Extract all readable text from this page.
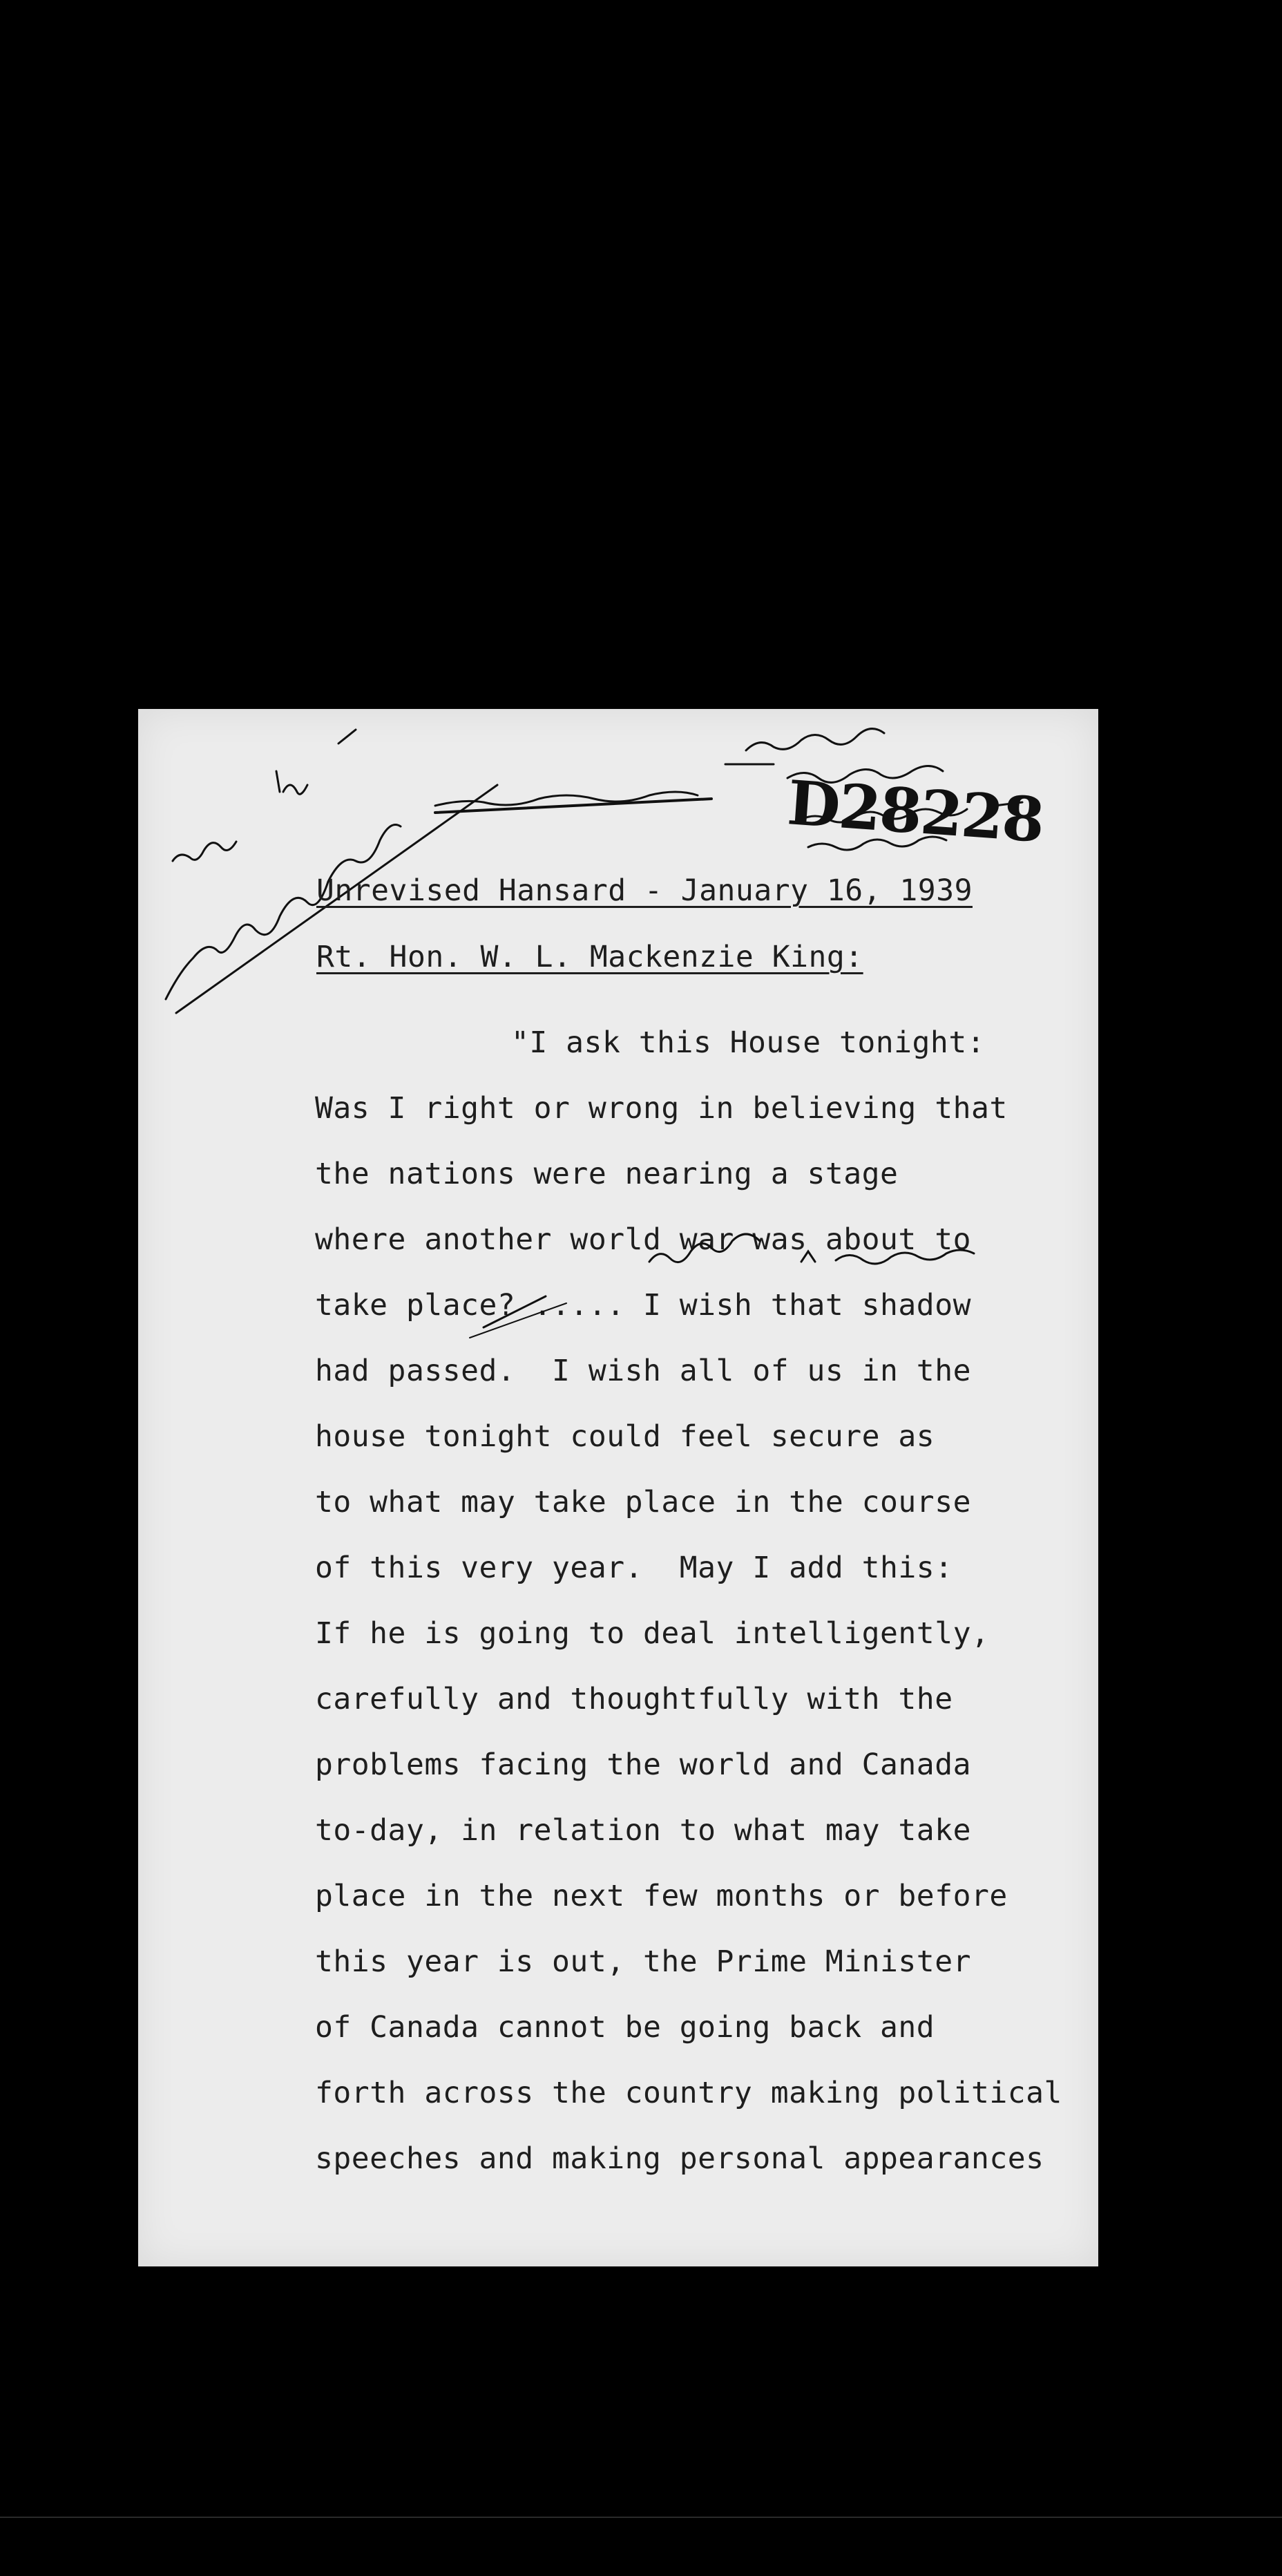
D28228
Unrevised Hansard - January 16, 1939
Rt. Hon. W. L. Mackenzie King:
"I ask this House tonight:
Was I right or wrong in believing that
the nations were nearing a stage
where another world war was about to
take place? ..... I wish that shadow
had passed.  I wish all of us in the
house tonight could feel secure as
to what may take place in the course
of this very year.  May I add this:
If he is going to deal intelligently,
carefully and thoughtfully with the
problems facing the world and Canada
to-day, in relation to what may take
place in the next few months or before
this year is out, the Prime Minister
of Canada cannot be going back and
forth across the country making political
speeches and making personal appearances
